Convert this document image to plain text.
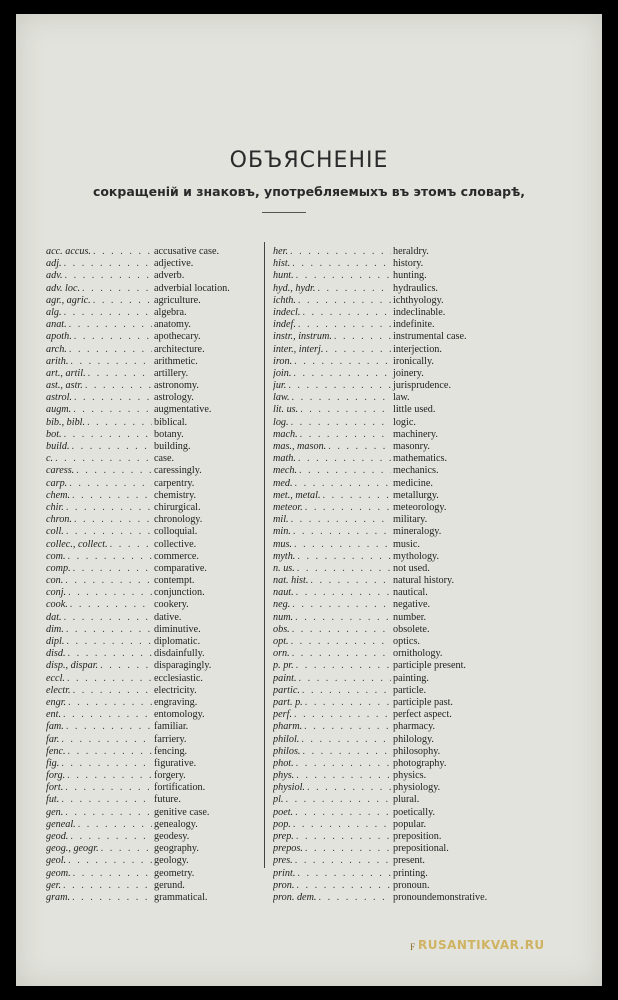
ОБЪЯСНЕНІЕ
сокращеній и знаковъ, употребляемыхъ въ этомъ словарѣ,
acc. accus. . . .	accusative case.
adj. . . .	adjective.
adv. . . .	adverb.
adv. loc. . . .	adverbial location.
agr., agric. . . .	agriculture.
alg. . . .	algebra.
anat. . . .	anatomy.
apoth. . . .	apothecary.
arch. . . .	architecture.
arith. . . .	arithmetic.
art., artil. . . .	artillery.
ast., astr. . . .	astronomy.
astrol. . . .	astrology.
augm. . . .	augmentative.
bib., bibl. . . .	biblical.
bot. . . .	botany.
build. . . .	building.
c. . . .	case.
caress. . . .	caressingly.
carp. . . .	carpentry.
chem. . . .	chemistry.
chir. . . .	chirurgical.
chron. . . .	chronology.
coll. . . .	colloquial.
collec., collect. . . .	collective.
com. . . .	commerce.
comp. . . .	comparative.
con. . . .	contempt.
conj. . . .	conjunction.
cook. . . .	cookery.
dat. . . .	dative.
dim. . . .	diminutive.
dipl. . . .	diplomatic.
disd. . . .	disdainfully.
disp., dispar. . . .	disparagingly.
eccl. . . .	ecclesiastic.
electr. . . .	electricity.
engr. . . .	engraving.
ent. . . .	entomology.
fam. . . .	familiar.
far. . . .	farriery.
fenc. . . .	fencing.
fig. . . .	figurative.
forg. . . .	forgery.
fort. . . .	fortification.
fut. . . .	future.
gen. . . .	genitive case.
geneal. . . .	genealogy.
geod. . . .	geodesy.
geog., geogr. . . .	geography.
geol. . . .	geology.
geom. . . .	geometry.
ger. . . .	gerund.
gram. . . .	grammatical.
her. . . .	heraldry.
hist. . . .	history.
hunt. . . .	hunting.
hyd., hydr. . . .	hydraulics.
ichth. . . .	ichthyology.
indecl. . . .	indeclinable.
indef. . . .	indefinite.
instr., instrum. . . .	instrumental case.
inter., interj. . . .	interjection.
iron. . . .	ironically.
join. . . .	joinery.
jur. . . .	jurisprudence.
law. . . .	law.
lit. us. . . .	little used.
log. . . .	logic.
mach. . . .	machinery.
mas., mason. . . .	masonry.
math. . . .	mathematics.
mech. . . .	mechanics.
med. . . .	medicine.
met., metal. . . .	metallurgy.
meteor. . . .	meteorology.
mil. . . .	military.
min. . . .	mineralogy.
mus. . . .	music.
myth. . . .	mythology.
n. us. . . .	not used.
nat. hist. . . .	natural history.
naut. . . .	nautical.
neg. . . .	negative.
num. . . .	number.
obs. . . .	obsolete.
opt. . . .	optics.
orn. . . .	ornithology.
p. pr. . . .	participle present.
paint. . . .	painting.
partic. . . .	particle.
part. p. . . .	participle past.
perf. . . .	perfect aspect.
pharm. . . .	pharmacy.
philol. . . .	philology.
philos. . . .	philosophy.
phot. . . .	photography.
phys. . . .	physics.
physiol. . . .	physiology.
pl. . . .	plural.
poet. . . .	poetically.
pop. . . .	popular.
prep. . . .	preposition.
prepos. . . .	prepositional.
pres. . . .	present.
print. . . .	printing.
pron. . . .	pronoun.
pron. dem. . . .	pronoundemonstrative.
F RUSANTIKVAR.RU
